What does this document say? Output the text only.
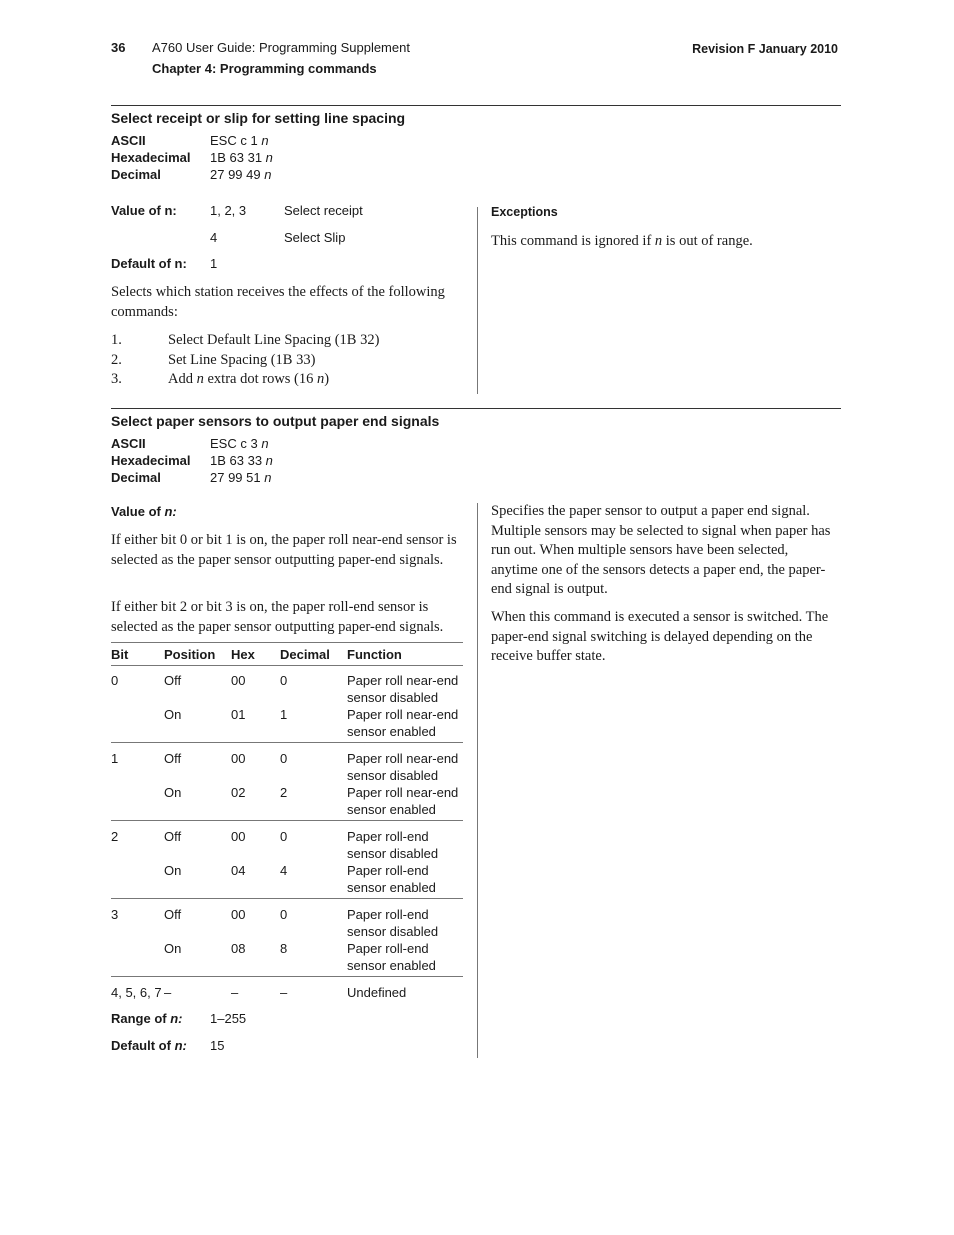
36 A760 User Guide: Programming Supplement
Chapter 4: Programming commands
Revision F January 2010
Select receipt or slip for setting line spacing
ASCII	ESC c 1 n
Hexadecimal 1B 63 31 n
Decimal	27 99 49 n
Value of n:	1, 2, 3	Select receipt
4	Select Slip
Default of n: 1

Selects which station receives the effects of the following commands:

1.	Select Default Line Spacing (1B 32)
2.	Set Line Spacing (1B 33)
3.	Add n extra dot rows (16 n)
Exceptions

This command is ignored if n is out of range.

Select paper sensors to output paper end signals
ASCII	ESC c 3 n
Hexadecimal 1B 63 33 n
Decimal	27 99 51 n
Value of n:

If either bit 0 or bit 1 is on, the paper roll near-end sensor is selected as the paper sensor outputting paper-end signals.

If either bit 2 or bit 3 is on, the paper roll-end sensor is selected as the paper sensor outputting paper-end signals.

Bit	Position Hex Decimal Function
0	Off	00	0	Paper roll near-end
sensor disabled
On	01	1	Paper roll near-end
sensor enabled
1	Off	00	0	Paper roll near-end
sensor disabled
On	02	2	Paper roll near-end
sensor enabled
2	Off	00	0	Paper roll-end
sensor disabled
On	04	4	Paper roll-end
sensor enabled
3	Off	00	0	Paper roll-end
sensor disabled
On	08	8	Paper roll-end
sensor enabled
4, 5, 6, 7 –	–	–	Undefined
Range of n: 1–255
Default of n: 15

Specifies the paper sensor to output a paper end signal. Multiple sensors may be selected to signal when paper has run out. When multiple sensors have been selected, anytime one of the sensors detects a paper end, the paper-end signal is output.

When this command is executed a sensor is switched. The paper-end signal switching is delayed depending on the receive buffer state.
